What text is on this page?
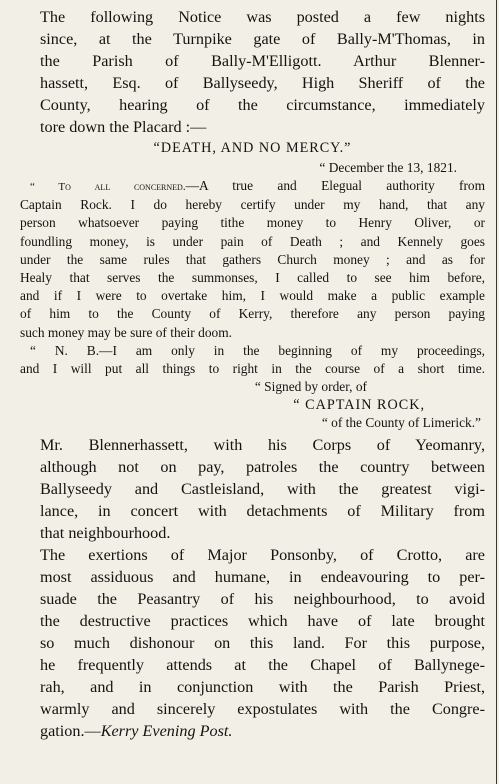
The following Notice was posted a few nights
since, at the Turnpike gate of Bally-M'Thomas, in
the Parish of Bally-M'Elligott. Arthur Blenner-
hassett, Esq. of Ballyseedy, High Sheriff of the
County, hearing of the circumstance, immediately
tore down the Placard :—

“DEATH, AND NO MERCY.”

“ December the 13, 1821.

“ To all concerned.—A true and Elegual authority from
Captain Rock. I do hereby certify under my hand, that any
person whatsoever paying tithe money to Henry Oliver, or
foundling money, is under pain of Death ; and Kennely goes
under the same rules that gathers Church money ; and as for
Healy that serves the summonses, I called to see him before,
and if I were to overtake him, I would make a public example
of him to the County of Kerry, therefore any person paying
such money may be sure of their doom.
“ N. B.—I am only in the beginning of my proceedings,
and I will put all things to right in the course of a short time.

“ Signed by order, of

“ CAPTAIN ROCK,

“ of the County of Limerick.”

Mr. Blennerhassett, with his Corps of Yeomanry,
although not on pay, patroles the country between
Ballyseedy and Castleisland, with the greatest vigi-
lance, in concert with detachments of Military from
that neighbourhood.

The exertions of Major Ponsonby, of Crotto, are
most assiduous and humane, in endeavouring to per-
suade the Peasantry of his neighbourhood, to avoid
the destructive practices which have of late brought
so much dishonour on this land. For this purpose,
he frequently attends at the Chapel of Ballynege-
rah, and in conjunction with the Parish Priest,
warmly and sincerely expostulates with the Congre-
gation.—Kerry Evening Post.
